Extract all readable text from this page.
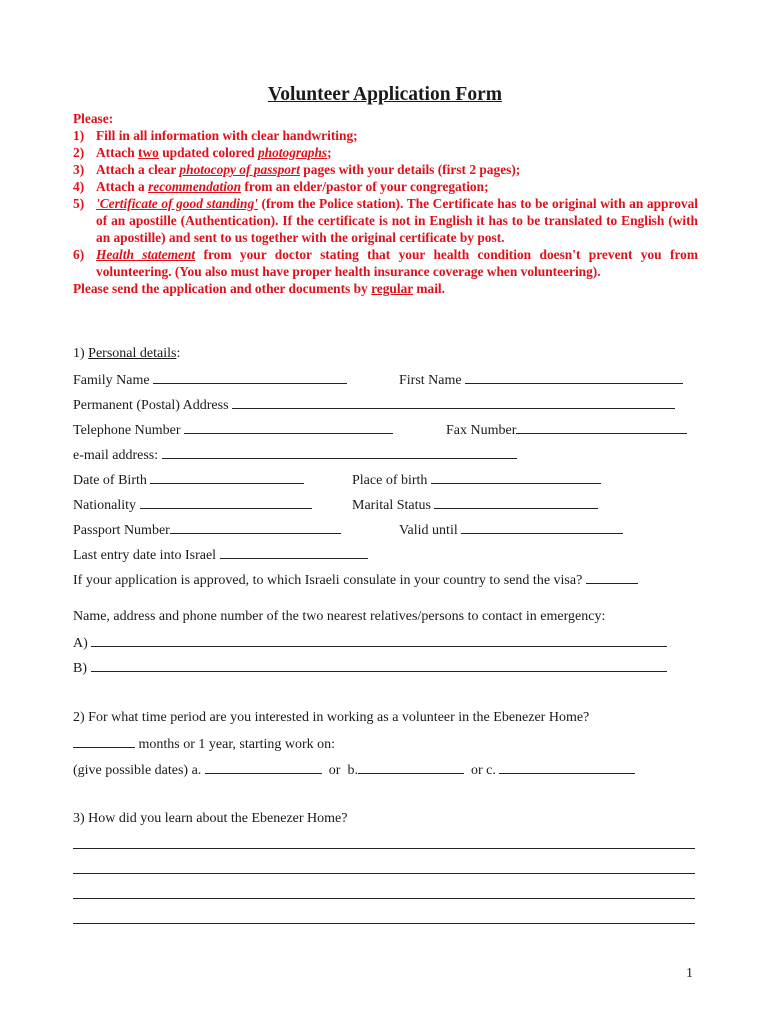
Volunteer Application Form
Please:
1) Fill in all information with clear handwriting;
2) Attach two updated colored photographs;
3) Attach a clear photocopy of passport pages with your details (first 2 pages);
4) Attach a recommendation from an elder/pastor of your congregation;
5) 'Certificate of good standing' (from the Police station). The Certificate has to be original with an approval of an apostille (Authentication). If the certificate is not in English it has to be translated to English (with an apostille) and sent to us together with the original certificate by post.
6) Health statement from your doctor stating that your health condition doesn't prevent you from volunteering. (You also must have proper health insurance coverage when volunteering).
Please send the application and other documents by regular mail.
1) Personal details:
Family Name	First Name
Permanent (Postal) Address
Telephone Number	Fax Number
e-mail address:
Date of Birth	Place of birth
Nationality	Marital Status
Passport Number	Valid until
Last entry date into Israel
If your application is approved, to which Israeli consulate in your country to send the visa?
Name, address and phone number of the two nearest relatives/persons to contact in emergency:
A)
B)
2) For what time period are you interested in working as a volunteer in the Ebenezer Home?
months or 1 year, starting work on:
(give possible dates) a.	or b.	or c.
3) How did you learn about the Ebenezer Home?
1
